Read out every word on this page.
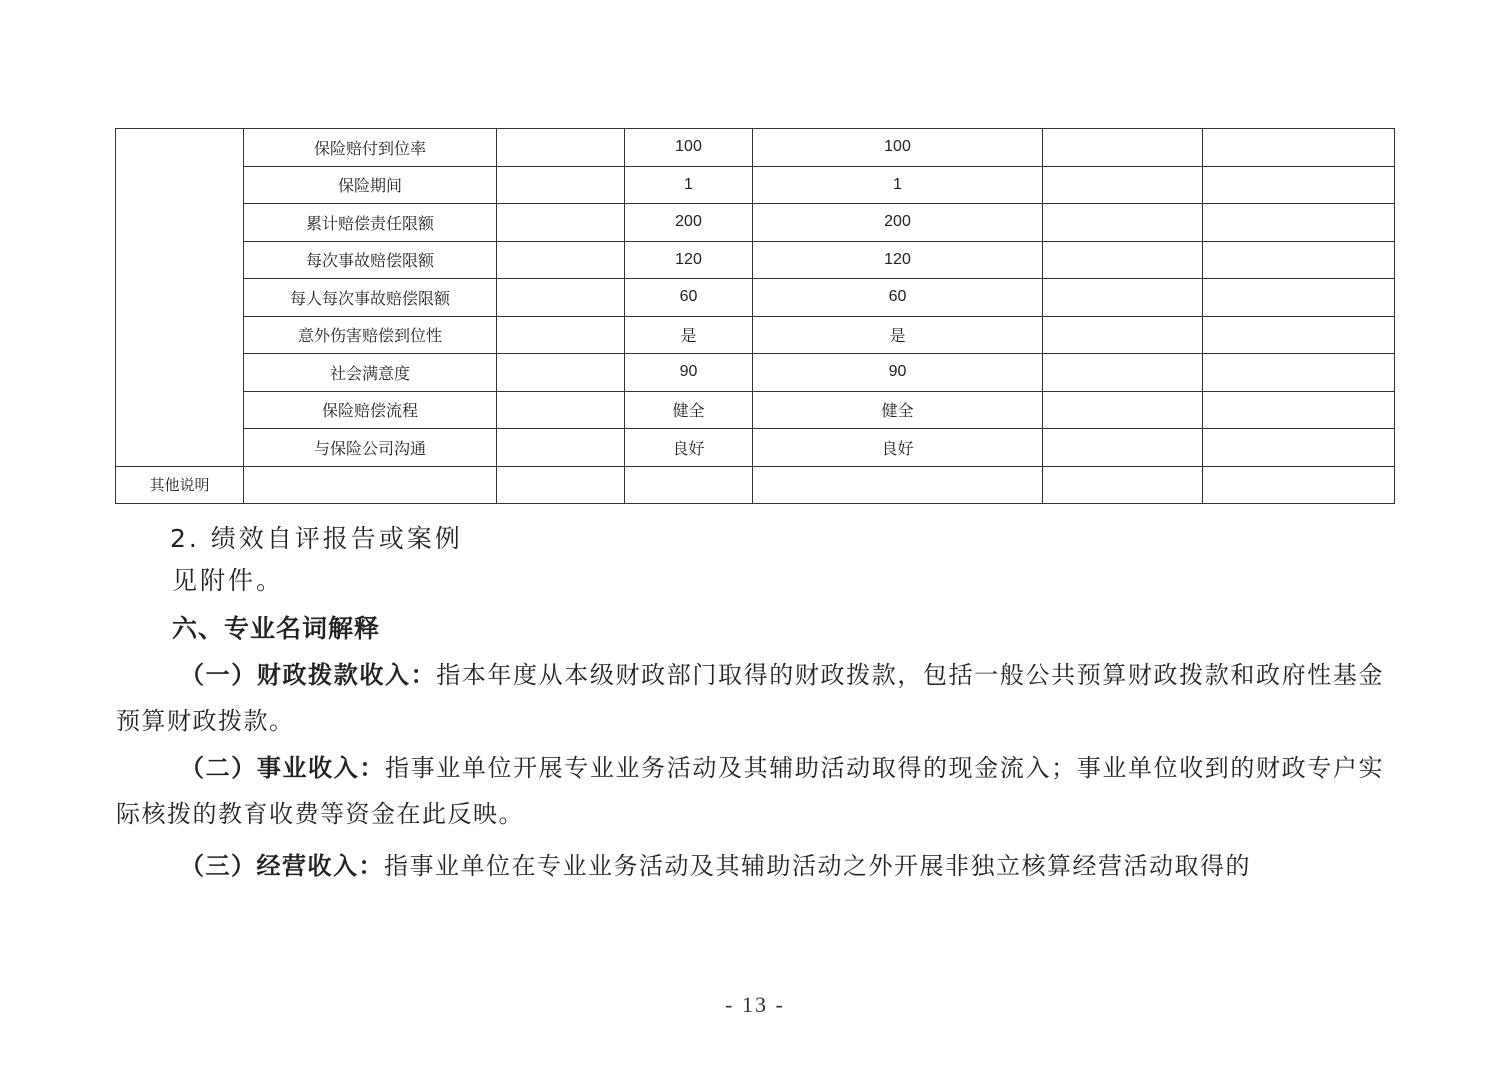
	保险赔付到位率		100	100		
	保险期间		1	1		
	累计赔偿责任限额		200	200		
	每次事故赔偿限额		120	120		
	每人每次事故赔偿限额		60	60		
	意外伤害赔偿到位性		是	是		
	社会满意度		90	90		
	保险赔偿流程		健全	健全		
	与保险公司沟通		良好	良好		
其他说明						
2. 绩效自评报告或案例
见附件。
六、专业名词解释

（一）财政拨款收入：指本年度从本级财政部门取得的财政拨款，包括一般公共预算财政拨款和政府性基金预算财政拨款。

（二）事业收入：指事业单位开展专业业务活动及其辅助活动取得的现金流入；事业单位收到的财政专户实际核拨的教育收费等资金在此反映。

（三）经营收入：指事业单位在专业业务活动及其辅助活动之外开展非独立核算经营活动取得的

- 13 -
